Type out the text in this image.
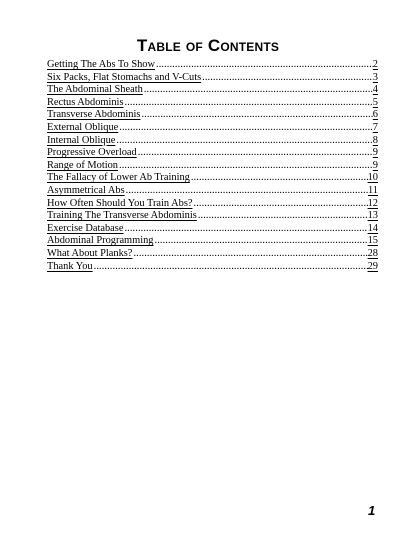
Table of Contents
Getting The Abs To Show .....	2
Six Packs, Flat Stomachs and V-Cuts .....	3
The Abdominal Sheath .....	4
Rectus Abdominis .....	5
Transverse Abdominis .....	6
External Oblique .....	7
Internal Oblique .....	8
Progressive Overload .....	9
Range of Motion .....	9
The Fallacy of Lower Ab Training .....	10
Asymmetrical Abs .....	11
How Often Should You Train Abs? .....	12
Training The Transverse Abdominis .....	13
Exercise Database .....	14
Abdominal Programming .....	15
What About Planks? .....	28
Thank You .....	29
1
